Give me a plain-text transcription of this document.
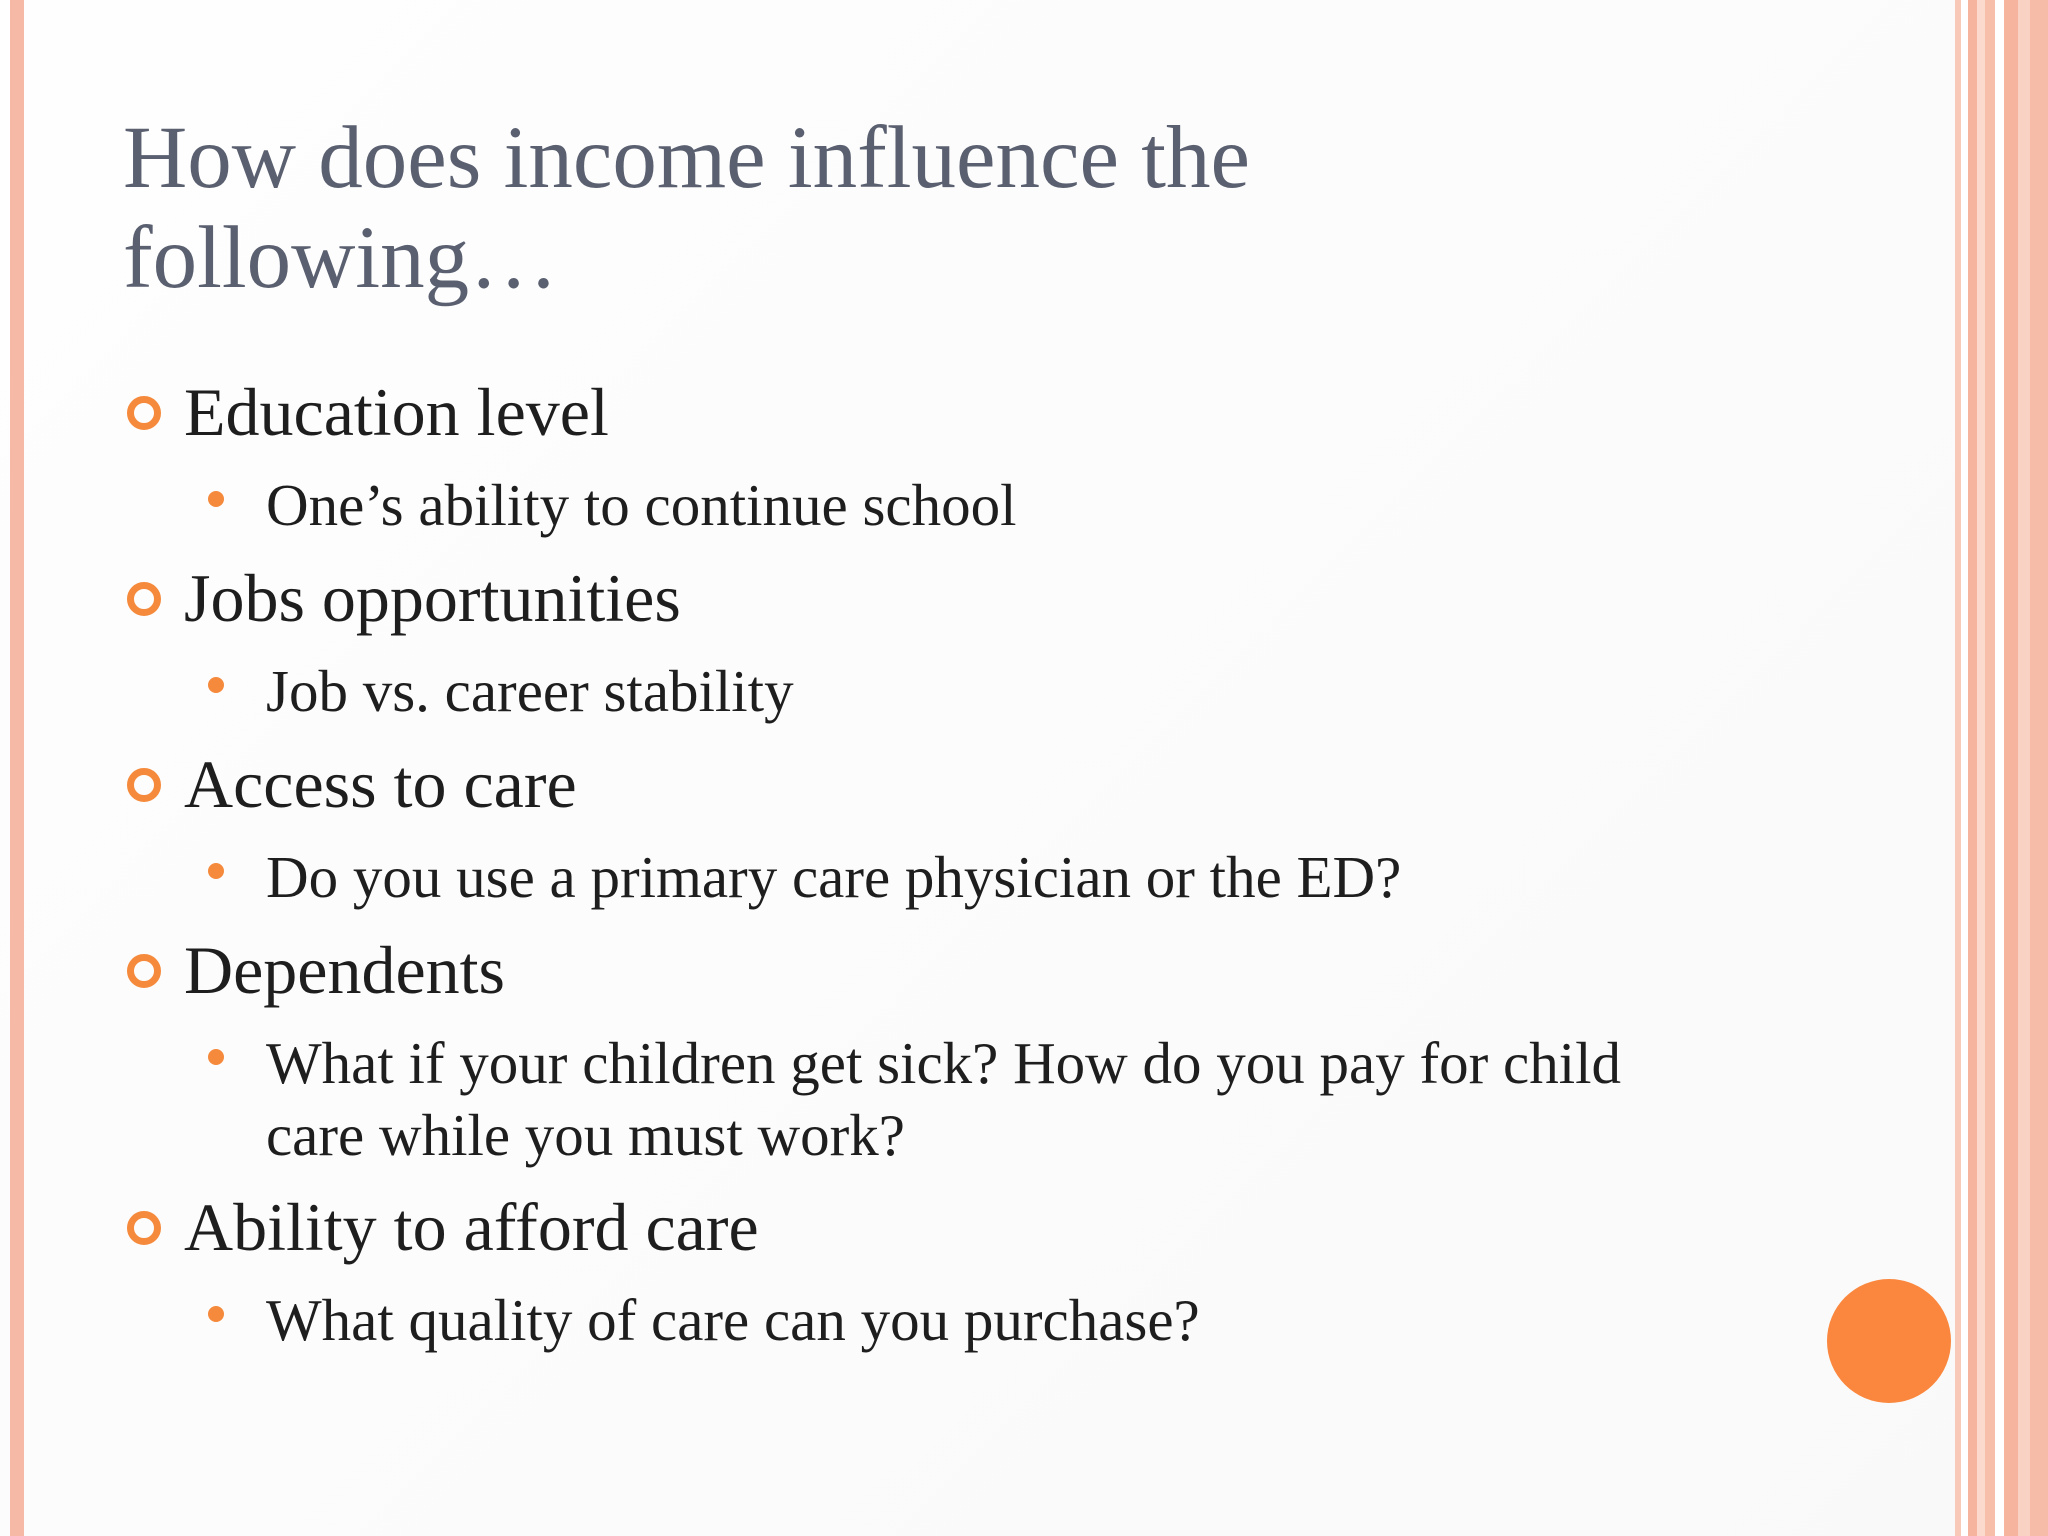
How does income influence the following…
Education level
One’s ability to continue school
Jobs opportunities
Job vs. career stability
Access to care
Do you use a primary care physician or the ED?
Dependents
What if your children get sick? How do you pay for child care while you must work?
Ability to afford care
What quality of care can you purchase?
